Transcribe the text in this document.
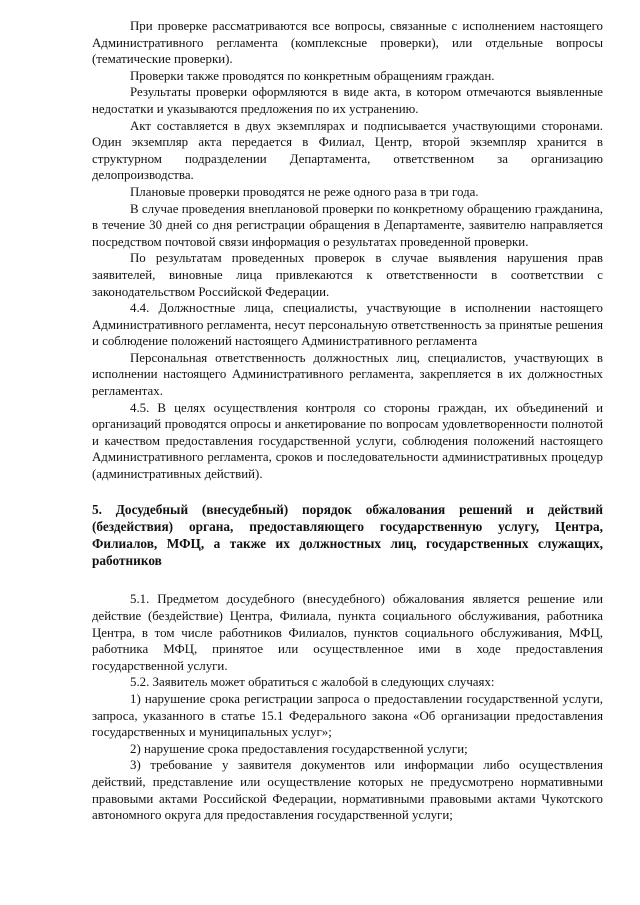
При проверке рассматриваются все вопросы, связанные с исполнением настоящего Административного регламента (комплексные проверки), или отдельные вопросы (тематические проверки).

Проверки также проводятся по конкретным обращениям граждан.

Результаты проверки оформляются в виде акта, в котором отмечаются выявленные недостатки и указываются предложения по их устранению.

Акт составляется в двух экземплярах и подписывается участвующими сторонами. Один экземпляр акта передается в Филиал, Центр, второй экземпляр хранится в структурном подразделении Департамента, ответственном за организацию делопроизводства.

Плановые проверки проводятся не реже одного раза в три года.

В случае проведения внеплановой проверки по конкретному обращению гражданина, в течение 30 дней со дня регистрации обращения в Департаменте, заявителю направляется посредством почтовой связи информация о результатах проведенной проверки.

По результатам проведенных проверок в случае выявления нарушения прав заявителей, виновные лица привлекаются к ответственности в соответствии с законодательством Российской Федерации.

4.4. Должностные лица, специалисты, участвующие в исполнении настоящего Административного регламента, несут персональную ответственность за принятые решения и соблюдение положений настоящего Административного регламента

Персональная ответственность должностных лиц, специалистов, участвующих в исполнении настоящего Административного регламента, закрепляется в их должностных регламентах.

4.5. В целях осуществления контроля со стороны граждан, их объединений и организаций проводятся опросы и анкетирование по вопросам удовлетворенности полнотой и качеством предоставления государственной услуги, соблюдения положений настоящего Административного регламента, сроков и последовательности административных процедур (административных действий).

5. Досудебный (внесудебный) порядок обжалования решений и действий (бездействия) органа, предоставляющего государственную услугу, Центра, Филиалов, МФЦ, а также их должностных лиц, государственных служащих, работников

5.1. Предметом досудебного (внесудебного) обжалования является решение или действие (бездействие) Центра, Филиала, пункта социального обслуживания, работника Центра, в том числе работников Филиалов, пунктов социального обслуживания, МФЦ, работника МФЦ, принятое или осуществленное ими в ходе предоставления государственной услуги.

5.2. Заявитель может обратиться с жалобой в следующих случаях:

1) нарушение срока регистрации запроса о предоставлении государственной услуги, запроса, указанного в статье 15.1 Федерального закона «Об организации предоставления государственных и муниципальных услуг»;

2) нарушение срока предоставления государственной услуги;

3) требование у заявителя документов или информации либо осуществления действий, представление или осуществление которых не предусмотрено нормативными правовыми актами Российской Федерации, нормативными правовыми актами Чукотского автономного округа для предоставления государственной услуги;
